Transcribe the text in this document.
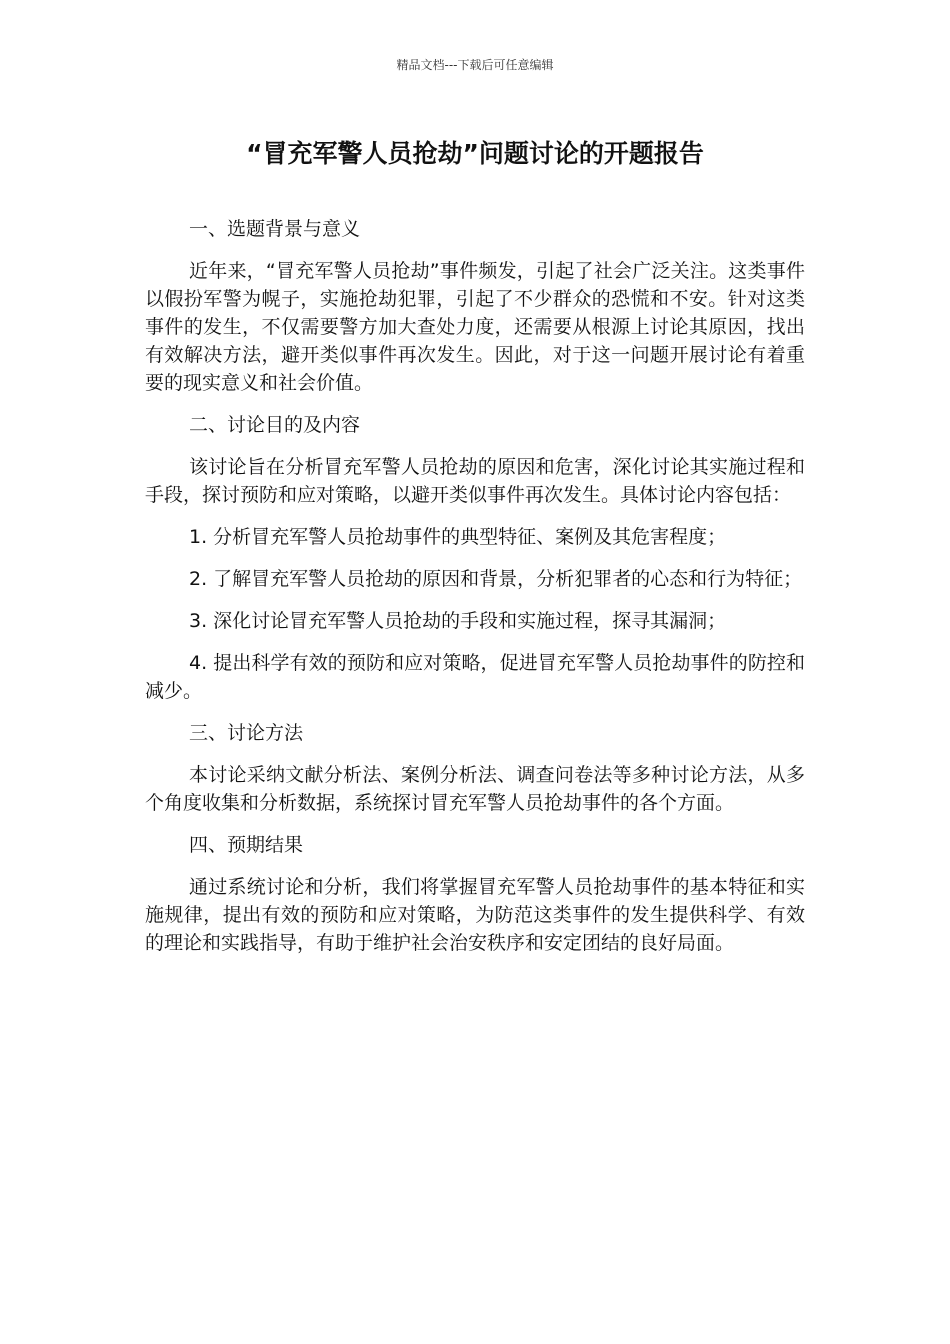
精品文档---下载后可任意编辑
“冒充军警人员抢劫”问题讨论的开题报告

一、选题背景与意义

近年来，“冒充军警人员抢劫”事件频发，引起了社会广泛关注。这类事件以假扮军警为幌子，实施抢劫犯罪，引起了不少群众的恐慌和不安。针对这类事件的发生，不仅需要警方加大查处力度，还需要从根源上讨论其原因，找出有效解决方法，避开类似事件再次发生。因此，对于这一问题开展讨论有着重要的现实意义和社会价值。

二、讨论目的及内容

该讨论旨在分析冒充军警人员抢劫的原因和危害，深化讨论其实施过程和手段，探讨预防和应对策略，以避开类似事件再次发生。具体讨论内容包括：

1. 分析冒充军警人员抢劫事件的典型特征、案例及其危害程度；

2. 了解冒充军警人员抢劫的原因和背景，分析犯罪者的心态和行为特征；

3. 深化讨论冒充军警人员抢劫的手段和实施过程，探寻其漏洞；

4. 提出科学有效的预防和应对策略，促进冒充军警人员抢劫事件的防控和减少。

三、讨论方法

本讨论采纳文献分析法、案例分析法、调查问卷法等多种讨论方法，从多个角度收集和分析数据，系统探讨冒充军警人员抢劫事件的各个方面。

四、预期结果

通过系统讨论和分析，我们将掌握冒充军警人员抢劫事件的基本特征和实施规律，提出有效的预防和应对策略，为防范这类事件的发生提供科学、有效的理论和实践指导，有助于维护社会治安秩序和安定团结的良好局面。
